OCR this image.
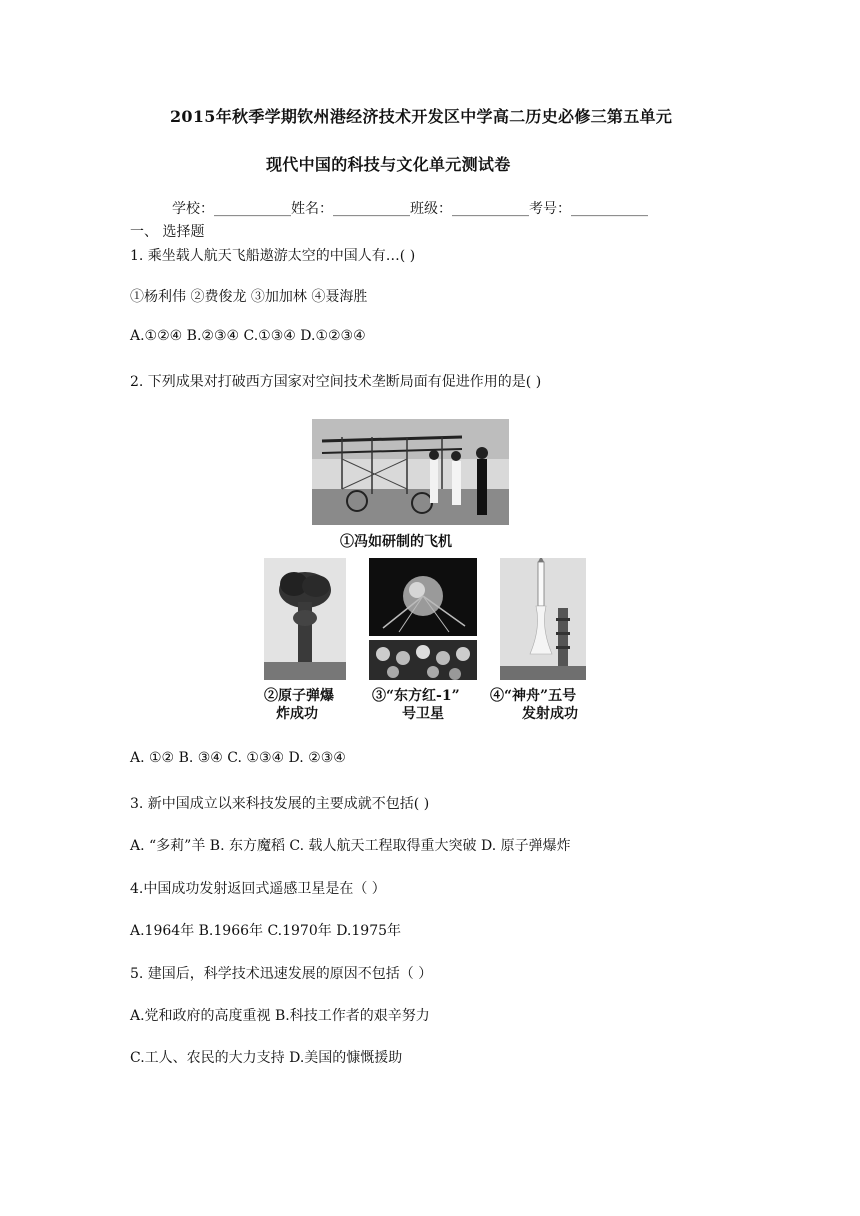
2015年秋季学期钦州港经济技术开发区中学高二历史必修三第五单元
现代中国的科技与文化单元测试卷
学校：___________姓名：___________班级：___________考号：___________
一、 选择题
1. 乘坐载人航天飞船遨游太空的中国人有…( )
①杨利伟 ②费俊龙 ③加加林 ④聂海胜
A.①②④ B.②③④ C.①③④ D.①②③④
2. 下列成果对打破西方国家对空间技术垄断局面有促进作用的是( )
①冯如研制的飞机
②原子弹爆
炸成功
③“东方红-1”
号卫星
④“神舟”五号
发射成功
A. ①② B. ③④ C. ①③④ D. ②③④
3. 新中国成立以来科技发展的主要成就不包括( )
A. “多莉”羊 B. 东方魔稻 C. 载人航天工程取得重大突破 D. 原子弹爆炸
4.中国成功发射返回式遥感卫星是在（ ）
A.1964年 B.1966年 C.1970年 D.1975年
5. 建国后，科学技术迅速发展的原因不包括（ ）
A.党和政府的高度重视 B.科技工作者的艰辛努力
C.工人、农民的大力支持 D.美国的慷慨援助
